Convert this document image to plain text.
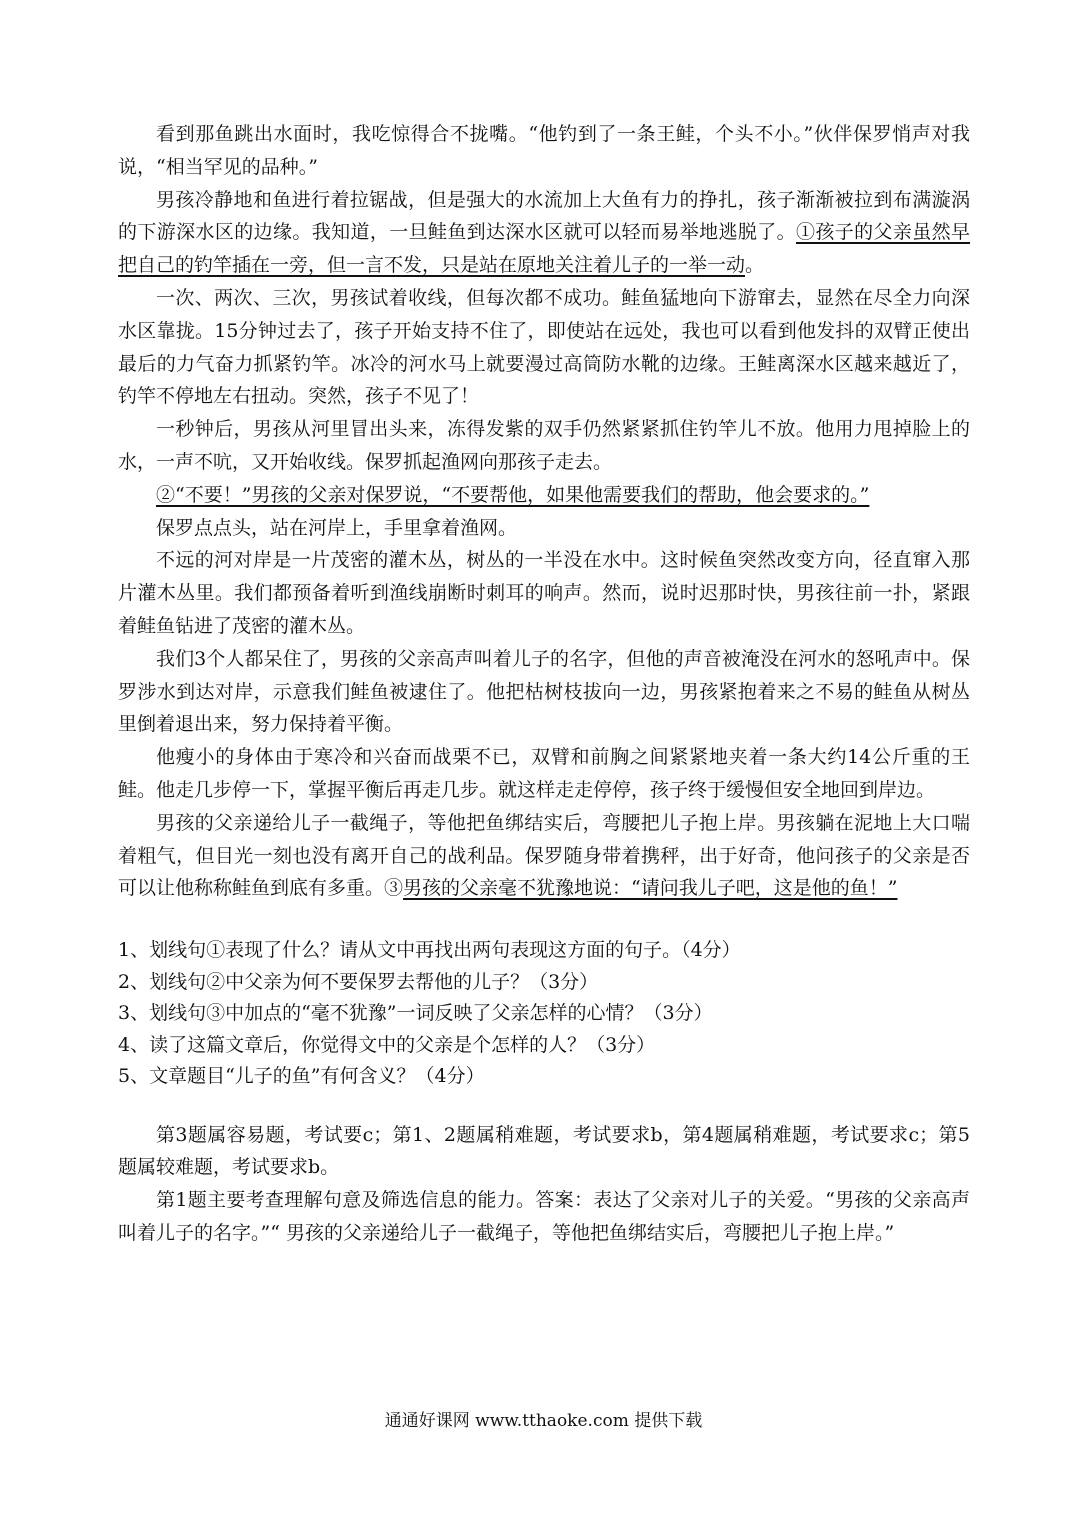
看到那鱼跳出水面时，我吃惊得合不拢嘴。“他钓到了一条王鲑，个头不小。”伙伴保罗悄声对我说，“相当罕见的品种。”

男孩冷静地和鱼进行着拉锯战，但是强大的水流加上大鱼有力的挣扎，孩子渐渐被拉到布满漩涡的下游深水区的边缘。我知道，一旦鲑鱼到达深水区就可以轻而易举地逃脱了。①孩子的父亲虽然早把自己的钓竿插在一旁，但一言不发，只是站在原地关注着儿子的一举一动。

一次、两次、三次，男孩试着收线，但每次都不成功。鲑鱼猛地向下游窜去，显然在尽全力向深水区靠拢。15分钟过去了，孩子开始支持不住了，即使站在远处，我也可以看到他发抖的双臂正使出最后的力气奋力抓紧钓竿。冰冷的河水马上就要漫过高筒防水靴的边缘。王鲑离深水区越来越近了，钓竿不停地左右扭动。突然，孩子不见了！

一秒钟后，男孩从河里冒出头来，冻得发紫的双手仍然紧紧抓住钓竿儿不放。他用力甩掉脸上的水，一声不吭，又开始收线。保罗抓起渔网向那孩子走去。

②“不要！”男孩的父亲对保罗说，“不要帮他，如果他需要我们的帮助，他会要求的。”

保罗点点头，站在河岸上，手里拿着渔网。

不远的河对岸是一片茂密的灌木丛，树丛的一半没在水中。这时候鱼突然改变方向，径直窜入那片灌木丛里。我们都预备着听到渔线崩断时刺耳的响声。然而，说时迟那时快，男孩往前一扑，紧跟着鲑鱼钻进了茂密的灌木丛。

我们3个人都呆住了，男孩的父亲高声叫着儿子的名字，但他的声音被淹没在河水的怒吼声中。保罗涉水到达对岸，示意我们鲑鱼被逮住了。他把枯树枝拔向一边，男孩紧抱着来之不易的鲑鱼从树丛里倒着退出来，努力保持着平衡。

他瘦小的身体由于寒冷和兴奋而战栗不已，双臂和前胸之间紧紧地夹着一条大约14公斤重的王鲑。他走几步停一下，掌握平衡后再走几步。就这样走走停停，孩子终于缓慢但安全地回到岸边。

男孩的父亲递给儿子一截绳子，等他把鱼绑结实后，弯腰把儿子抱上岸。男孩躺在泥地上大口喘着粗气，但目光一刻也没有离开自己的战利品。保罗随身带着携秤，出于好奇，他问孩子的父亲是否可以让他称称鲑鱼到底有多重。③男孩的父亲毫不犹豫地说：“请问我儿子吧，这是他的鱼！”

1、划线句①表现了什么？请从文中再找出两句表现这方面的句子。（4分）

2、划线句②中父亲为何不要保罗去帮他的儿子？（3分）

3、划线句③中加点的“毫不犹豫”一词反映了父亲怎样的心情？（3分）

4、读了这篇文章后，你觉得文中的父亲是个怎样的人？（3分）

5、文章题目“儿子的鱼”有何含义？（4分）

第3题属容易题，考试要c；第1、2题属稍难题，考试要求b，第4题属稍难题，考试要求c；第5题属较难题，考试要求b。

第1题主要考查理解句意及筛选信息的能力。答案：表达了父亲对儿子的关爱。“男孩的父亲高声叫着儿子的名字。”“ 男孩的父亲递给儿子一截绳子，等他把鱼绑结实后，弯腰把儿子抱上岸。”

通通好课网 www.tthaoke.com 提供下载
